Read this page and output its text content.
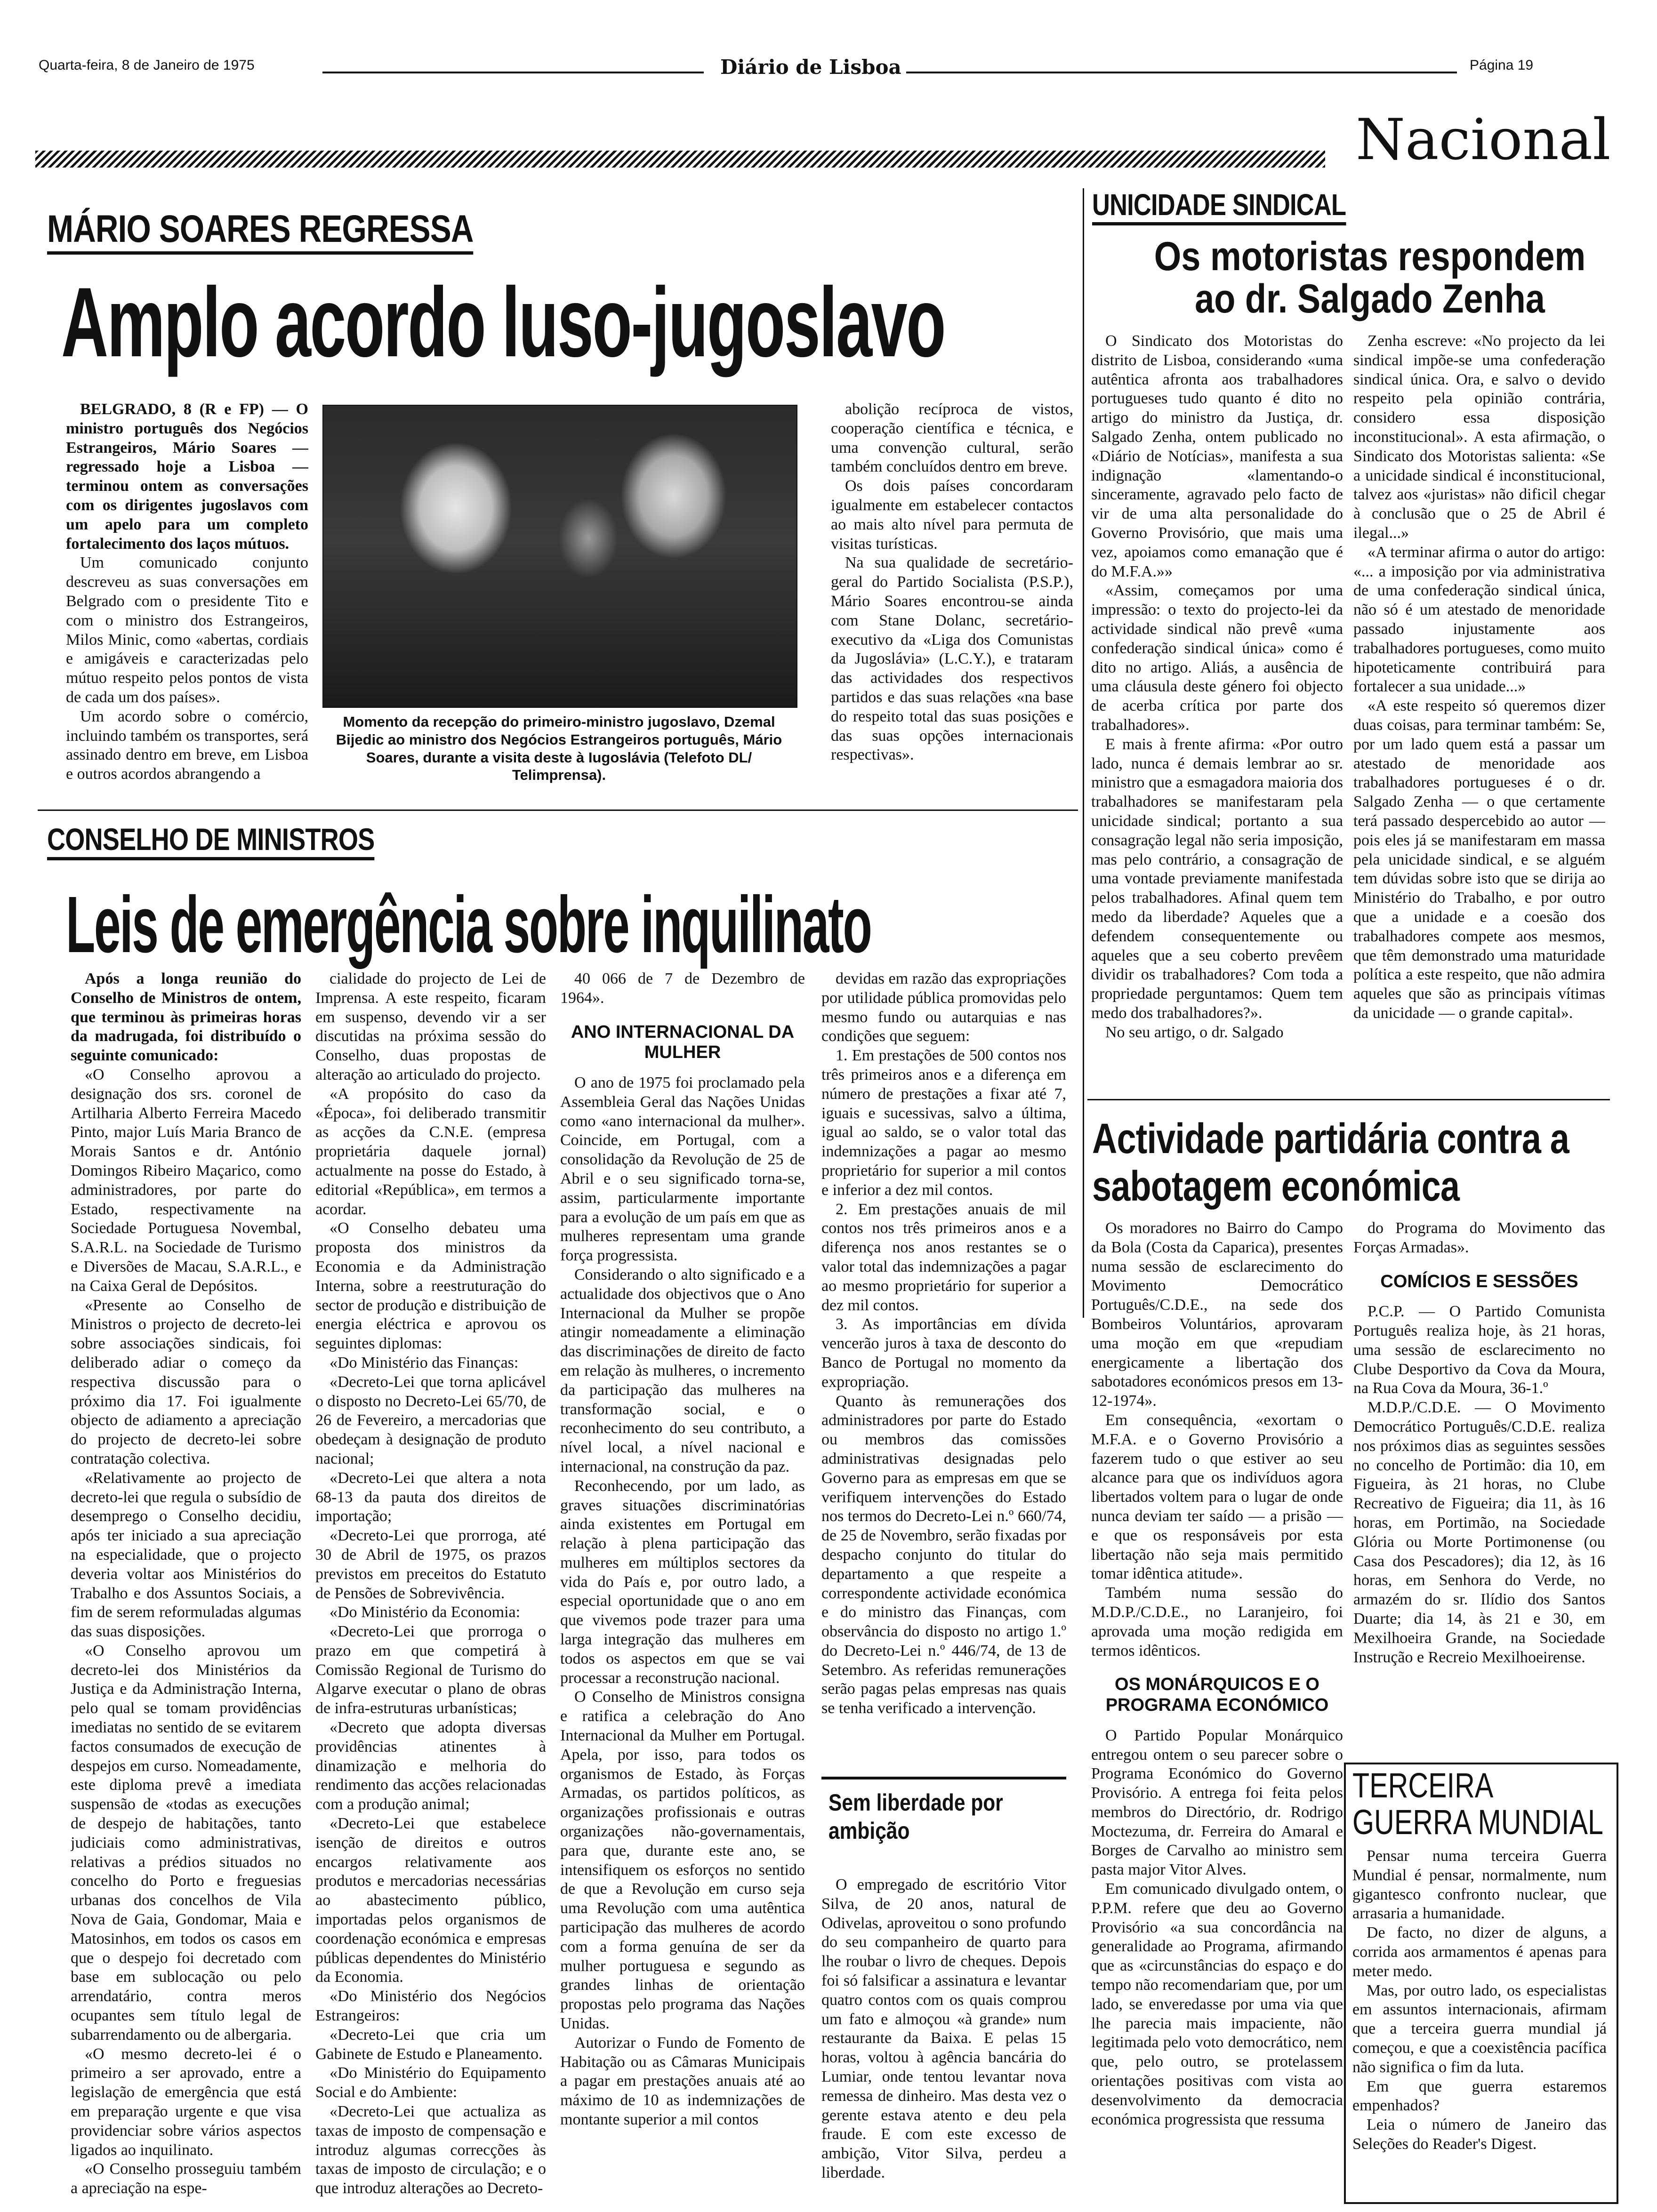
Quarta-feira, 8 de Janeiro de 1975	Diário de Lisboa	Página 19
Nacional
MÁRIO SOARES REGRESSA
Amplo acordo luso-jugoslavo

BELGRADO, 8 (R e FP) — O ministro português dos Negócios Estrangeiros, Mário Soares — regressado hoje a Lisboa — terminou ontem as conversações com os dirigentes jugoslavos com um apelo para um completo fortalecimento dos laços mútuos.

Um comunicado conjunto descreveu as suas conversações em Belgrado com o presidente Tito e com o ministro dos Estrangeiros, Milos Minic, como «abertas, cordiais e amigáveis e caracterizadas pelo mútuo respeito pelos pontos de vista de cada um dos países».

Um acordo sobre o comércio, incluindo também os transportes, será assinado dentro em breve, em Lisboa e outros acordos abrangendo a

Momento da recepção do primeiro-ministro jugoslavo, Dzemal Bijedic ao ministro dos Negócios Estrangeiros português, Mário Soares, durante a visita deste à Iugoslávia (Telefoto DL/ Telimprensa).

abolição recíproca de vistos, cooperação científica e técnica, e uma convenção cultural, serão também concluídos dentro em breve.

Os dois países concordaram igualmente em estabelecer contactos ao mais alto nível para permuta de visitas turísticas.

Na sua qualidade de secretário-geral do Partido Socialista (P.S.P.), Mário Soares encontrou-se ainda com Stane Dolanc, secretário-executivo da «Liga dos Comunistas da Jugoslávia» (L.C.Y.), e trataram das actividades dos respectivos partidos e das suas relações «na base do respeito total das suas posições e das suas opções internacionais respectivas».

UNICIDADE SINDICAL
Os motoristas respondem ao dr. Salgado Zenha

O Sindicato dos Motoristas do distrito de Lisboa, considerando «uma autêntica afronta aos trabalhadores portugueses tudo quanto é dito no artigo do ministro da Justiça, dr. Salgado Zenha, ontem publicado no «Diário de Notícias», manifesta a sua indignação «lamentando-o sinceramente, agravado pelo facto de vir de uma alta personalidade do Governo Provisório, que mais uma vez, apoiamos como emanação que é do M.F.A.»»

«Assim, começamos por uma impressão: o texto do projecto-lei da actividade sindical não prevê «uma confederação sindical única» como é dito no artigo. Aliás, a ausência de uma cláusula deste género foi objecto de acerba crítica por parte dos trabalhadores».

E mais à frente afirma: «Por outro lado, nunca é demais lembrar ao sr. ministro que a esmagadora maioria dos trabalhadores se manifestaram pela unicidade sindical; portanto a sua consagração legal não seria imposição, mas pelo contrário, a consagração de uma vontade previamente manifestada pelos trabalhadores. Afinal quem tem medo da liberdade? Aqueles que a defendem consequentemente ou aqueles que a seu coberto prevêem dividir os trabalhadores? Com toda a propriedade perguntamos: Quem tem medo dos trabalhadores?».

No seu artigo, o dr. Salgado

Zenha escreve: «No projecto da lei sindical impõe-se uma confederação sindical única. Ora, e salvo o devido respeito pela opinião contrária, considero essa disposição inconstitucional». A esta afirmação, o Sindicato dos Motoristas salienta: «Se a unicidade sindical é inconstitucional, talvez aos «juristas» não dificil chegar à conclusão que o 25 de Abril é ilegal...»

«A terminar afirma o autor do artigo: «... a imposição por via administrativa de uma confederação sindical única, não só é um atestado de menoridade passado injustamente aos trabalhadores portugueses, como muito hipoteticamente contribuirá para fortalecer a sua unidade...»

«A este respeito só queremos dizer duas coisas, para terminar também: Se, por um lado quem está a passar um atestado de menoridade aos trabalhadores portugueses é o dr. Salgado Zenha — o que certamente terá passado despercebido ao autor — pois eles já se manifestaram em massa pela unicidade sindical, e se alguém tem dúvidas sobre isto que se dirija ao Ministério do Trabalho, e por outro que a unidade e a coesão dos trabalhadores compete aos mesmos, que têm demonstrado uma maturidade política a este respeito, que não admira aqueles que são as principais vítimas da unicidade — o grande capital».

CONSELHO DE MINISTROS
Leis de emergência sobre inquilinato

Após a longa reunião do Conselho de Ministros de ontem, que terminou às primeiras horas da madrugada, foi distribuído o seguinte comunicado:

«O Conselho aprovou a designação dos srs. coronel de Artilharia Alberto Ferreira Macedo Pinto, major Luís Maria Branco de Morais Santos e dr. António Domingos Ribeiro Maçarico, como administradores, por parte do Estado, respectivamente na Sociedade Portuguesa Novembal, S.A.R.L. na Sociedade de Turismo e Diversões de Macau, S.A.R.L., e na Caixa Geral de Depósitos.

«Presente ao Conselho de Ministros o projecto de decreto-lei sobre associações sindicais, foi deliberado adiar o começo da respectiva discussão para o próximo dia 17. Foi igualmente objecto de adiamento a apreciação do projecto de decreto-lei sobre contratação colectiva.

«Relativamente ao projecto de decreto-lei que regula o subsídio de desemprego o Conselho decidiu, após ter iniciado a sua apreciação na especialidade, que o projecto deveria voltar aos Ministérios do Trabalho e dos Assuntos Sociais, a fim de serem reformuladas algumas das suas disposições.

«O Conselho aprovou um decreto-lei dos Ministérios da Justiça e da Administração Interna, pelo qual se tomam providências imediatas no sentido de se evitarem factos consumados de execução de despejos em curso. Nomeadamente, este diploma prevê a imediata suspensão de «todas as execuções de despejo de habitações, tanto judiciais como administrativas, relativas a prédios situados no concelho do Porto e freguesias urbanas dos concelhos de Vila Nova de Gaia, Gondomar, Maia e Matosinhos, em todos os casos em que o despejo foi decretado com base em sublocação ou pelo arrendatário, contra meros ocupantes sem título legal de subarrendamento ou de albergaria.

«O mesmo decreto-lei é o primeiro a ser aprovado, entre a legislação de emergência que está em preparação urgente e que visa providenciar sobre vários aspectos ligados ao inquilinato.

«O Conselho prosseguiu também a apreciação na espe-

cialidade do projecto de Lei de Imprensa. A este respeito, ficaram em suspenso, devendo vir a ser discutidas na próxima sessão do Conselho, duas propostas de alteração ao articulado do projecto.

«A propósito do caso da «Época», foi deliberado transmitir as acções da C.N.E. (empresa proprietária daquele jornal) actualmente na posse do Estado, à editorial «República», em termos a acordar.

«O Conselho debateu uma proposta dos ministros da Economia e da Administração Interna, sobre a reestruturação do sector de produção e distribuição de energia eléctrica e aprovou os seguintes diplomas:

«Do Ministério das Finanças:

«Decreto-Lei que torna aplicável o disposto no Decreto-Lei 65/70, de 26 de Fevereiro, a mercadorias que obedeçam à designação de produto nacional;

«Decreto-Lei que altera a nota 68-13 da pauta dos direitos de importação;

«Decreto-Lei que prorroga, até 30 de Abril de 1975, os prazos previstos em preceitos do Estatuto de Pensões de Sobrevivência.

«Do Ministério da Economia:

«Decreto-Lei que prorroga o prazo em que competirá à Comissão Regional de Turismo do Algarve executar o plano de obras de infra-estruturas urbanísticas;

«Decreto que adopta diversas providências atinentes à dinamização e melhoria do rendimento das acções relacionadas com a produção animal;

«Decreto-Lei que estabelece isenção de direitos e outros encargos relativamente aos produtos e mercadorias necessárias ao abastecimento público, importadas pelos organismos de coordenação económica e empresas públicas dependentes do Ministério da Economia.

«Do Ministério dos Negócios Estrangeiros:

«Decreto-Lei que cria um Gabinete de Estudo e Planeamento.

«Do Ministério do Equipamento Social e do Ambiente:

«Decreto-Lei que actualiza as taxas de imposto de compensação e introduz algumas correcções às taxas de imposto de circulação; e o que introduz alterações ao Decreto-

40 066 de 7 de Dezembro de 1964».

ANO INTERNACIONAL DA MULHER

O ano de 1975 foi proclamado pela Assembleia Geral das Nações Unidas como «ano internacional da mulher». Coincide, em Portugal, com a consolidação da Revolução de 25 de Abril e o seu significado torna-se, assim, particularmente importante para a evolução de um país em que as mulheres representam uma grande força progressista.

Considerando o alto significado e a actualidade dos objectivos que o Ano Internacional da Mulher se propõe atingir nomeadamente a eliminação das discriminações de direito de facto em relação às mulheres, o incremento da participação das mulheres na transformação social, e o reconhecimento do seu contributo, a nível local, a nível nacional e internacional, na construção da paz.

Reconhecendo, por um lado, as graves situações discriminatórias ainda existentes em Portugal em relação à plena participação das mulheres em múltiplos sectores da vida do País e, por outro lado, a especial oportunidade que o ano em que vivemos pode trazer para uma larga integração das mulheres em todos os aspectos em que se vai processar a reconstrução nacional.

O Conselho de Ministros consigna e ratifica a celebração do Ano Internacional da Mulher em Portugal. Apela, por isso, para todos os organismos de Estado, às Forças Armadas, os partidos políticos, as organizações profissionais e outras organizações não-governamentais, para que, durante este ano, se intensifiquem os esforços no sentido de que a Revolução em curso seja uma Revolução com uma autêntica participação das mulheres de acordo com a forma genuína de ser da mulher portuguesa e segundo as grandes linhas de orientação propostas pelo programa das Nações Unidas.

Autorizar o Fundo de Fomento de Habitação ou as Câmaras Municipais a pagar em prestações anuais até ao máximo de 10 as indemnizações de montante superior a mil contos

devidas em razão das expropriações por utilidade pública promovidas pelo mesmo fundo ou autarquias e nas condições que seguem:

1. Em prestações de 500 contos nos três primeiros anos e a diferença em número de prestações a fixar até 7, iguais e sucessivas, salvo a última, igual ao saldo, se o valor total das indemnizações a pagar ao mesmo proprietário for superior a mil contos e inferior a dez mil contos.

2. Em prestações anuais de mil contos nos três primeiros anos e a diferença nos anos restantes se o valor total das indemnizações a pagar ao mesmo proprietário for superior a dez mil contos.

3. As importâncias em dívida vencerão juros à taxa de desconto do Banco de Portugal no momento da expropriação.

Quanto às remunerações dos administradores por parte do Estado ou membros das comissões administrativas designadas pelo Governo para as empresas em que se verifiquem intervenções do Estado nos termos do Decreto-Lei n.º 660/74, de 25 de Novembro, serão fixadas por despacho conjunto do titular do departamento a que respeite a correspondente actividade económica e do ministro das Finanças, com observância do disposto no artigo 1.º do Decreto-Lei n.º 446/74, de 13 de Setembro. As referidas remunerações serão pagas pelas empresas nas quais se tenha verificado a intervenção.

Sem liberdade por ambição

O empregado de escritório Vitor Silva, de 20 anos, natural de Odivelas, aproveitou o sono profundo do seu companheiro de quarto para lhe roubar o livro de cheques. Depois foi só falsificar a assinatura e levantar quatro contos com os quais comprou um fato e almoçou «à grande» num restaurante da Baixa. E pelas 15 horas, voltou à agência bancária do Lumiar, onde tentou levantar nova remessa de dinheiro. Mas desta vez o gerente estava atento e deu pela fraude. E com este excesso de ambição, Vitor Silva, perdeu a liberdade.

Actividade partidária contra a sabotagem económica

Os moradores no Bairro do Campo da Bola (Costa da Caparica), presentes numa sessão de esclarecimento do Movimento Democrático Português/C.D.E., na sede dos Bombeiros Voluntários, aprovaram uma moção em que «repudiam energicamente a libertação dos sabotadores económicos presos em 13-12-1974».

Em consequência, «exortam o M.F.A. e o Governo Provisório a fazerem tudo o que estiver ao seu alcance para que os indivíduos agora libertados voltem para o lugar de onde nunca deviam ter saído — a prisão — e que os responsáveis por esta libertação não seja mais permitido tomar idêntica atitude».

Também numa sessão do M.D.P./C.D.E., no Laranjeiro, foi aprovada uma moção redigida em termos idênticos.

OS MONÁRQUICOS E O PROGRAMA ECONÓMICO

O Partido Popular Monárquico entregou ontem o seu parecer sobre o Programa Económico do Governo Provisório. A entrega foi feita pelos membros do Directório, dr. Rodrigo Moctezuma, dr. Ferreira do Amaral e Borges de Carvalho ao ministro sem pasta major Vitor Alves.

Em comunicado divulgado ontem, o P.P.M. refere que deu ao Governo Provisório «a sua concordância na generalidade ao Programa, afirmando que as «circunstâncias do espaço e do tempo não recomendariam que, por um lado, se enveredasse por uma via que lhe parecia mais impaciente, não legitimada pelo voto democrático, nem que, pelo outro, se protelassem orientações positivas com vista ao desenvolvimento da democracia económica progressista que ressuma

do Programa do Movimento das Forças Armadas».

COMÍCIOS E SESSÕES

P.C.P. — O Partido Comunista Português realiza hoje, às 21 horas, uma sessão de esclarecimento no Clube Desportivo da Cova da Moura, na Rua Cova da Moura, 36-1.º

M.D.P./C.D.E. — O Movimento Democrático Português/C.D.E. realiza nos próximos dias as seguintes sessões no concelho de Portimão: dia 10, em Figueira, às 21 horas, no Clube Recreativo de Figueira; dia 11, às 16 horas, em Portimão, na Sociedade Glória ou Morte Portimonense (ou Casa dos Pescadores); dia 12, às 16 horas, em Senhora do Verde, no armazém do sr. Ilídio dos Santos Duarte; dia 14, às 21 e 30, em Mexilhoeira Grande, na Sociedade Instrução e Recreio Mexilhoeirense.

TERCEIRA GUERRA MUNDIAL

Pensar numa terceira Guerra Mundial é pensar, normalmente, num gigantesco confronto nuclear, que arrasaria a humanidade.

De facto, no dizer de alguns, a corrida aos armamentos é apenas para meter medo.

Mas, por outro lado, os especialistas em assuntos internacionais, afirmam que a terceira guerra mundial já começou, e que a coexistência pacífica não significa o fim da luta.

Em que guerra estaremos empenhados?

Leia o número de Janeiro das Seleções do Reader's Digest.
